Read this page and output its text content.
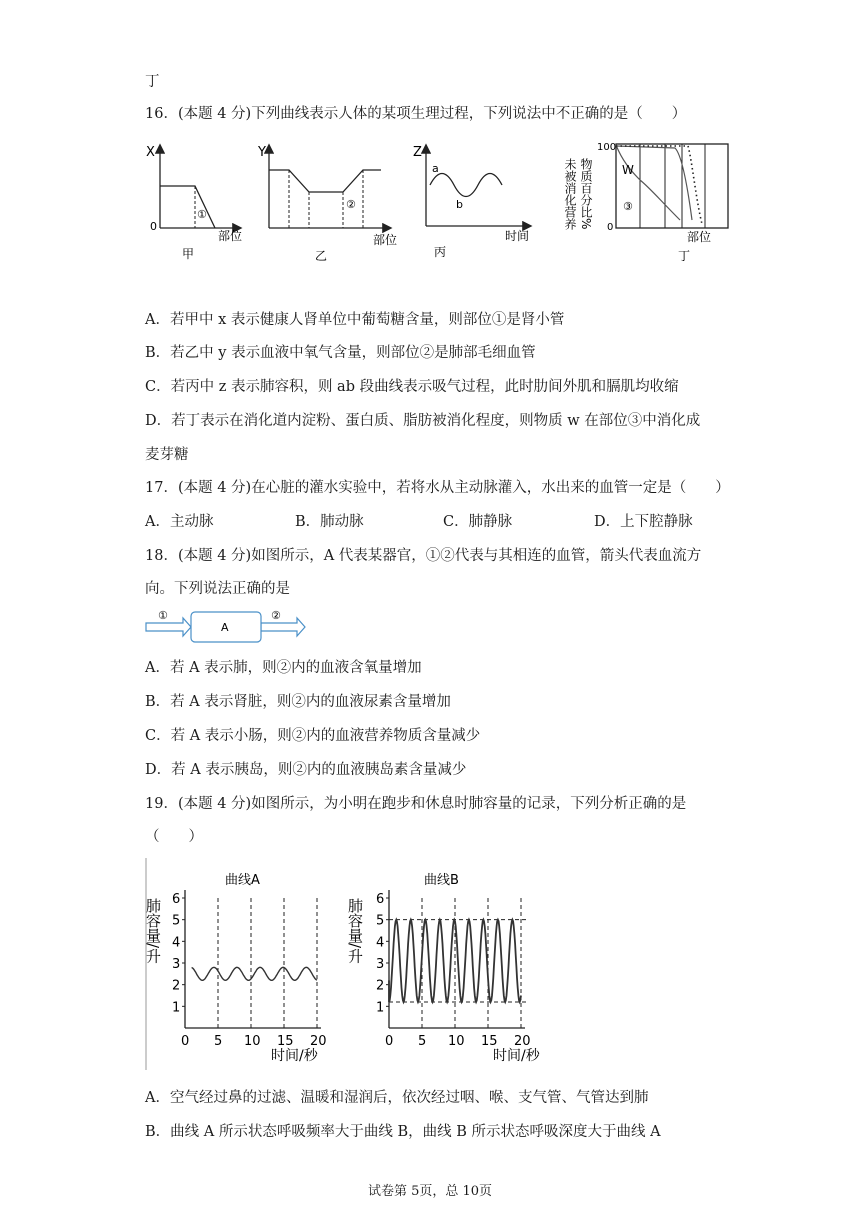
丁
16．(本题 4 分)下列曲线表示人体的某项生理过程，下列说法中不正确的是（　　）
X
0
①
部位
甲
Y
②
部位
乙
Z
a
b
时间
丙
100
0
物质百分比%
未被消化营养	W
③
部位
丁
A．若甲中 x 表示健康人肾单位中葡萄糖含量，则部位①是肾小管
B．若乙中 y 表示血液中氧气含量，则部位②是肺部毛细血管
C．若丙中 z 表示肺容积，则 ab 段曲线表示吸气过程，此时肋间外肌和膈肌均收缩
D．若丁表示在消化道内淀粉、蛋白质、脂肪被消化程度，则物质 w 在部位③中消化成
麦芽糖
17．(本题 4 分)在心脏的灌水实验中，若将水从主动脉灌入，水出来的血管一定是（　　）
A．主动脉	B．肺动脉	C．肺静脉	D．上下腔静脉
18．(本题 4 分)如图所示，A 代表某器官，①②代表与其相连的血管，箭头代表血流方
向。下列说法正确的是
①
A
②
A．若 A 表示肺，则②内的血液含氧量增加
B．若 A 表示肾脏，则②内的血液尿素含量增加
C．若 A 表示小肠，则②内的血液营养物质含量减少
D．若 A 表示胰岛，则②内的血液胰岛素含量减少
19．(本题 4 分)如图所示，为小明在跑步和休息时肺容量的记录，下列分析正确的是
（　　）
曲线A
肺容量/升
时间/秒
1
2
3
4
5
6
0 5 10 15 20
曲线B
肺容量/升
时间/秒
1
2
3
4
5
6
0 5 10 15 20
A．空气经过鼻的过滤、温暖和湿润后，依次经过咽、喉、支气管、气管达到肺
B．曲线 A 所示状态呼吸频率大于曲线 B，曲线 B 所示状态呼吸深度大于曲线 A
试卷第 5页，总 10页
